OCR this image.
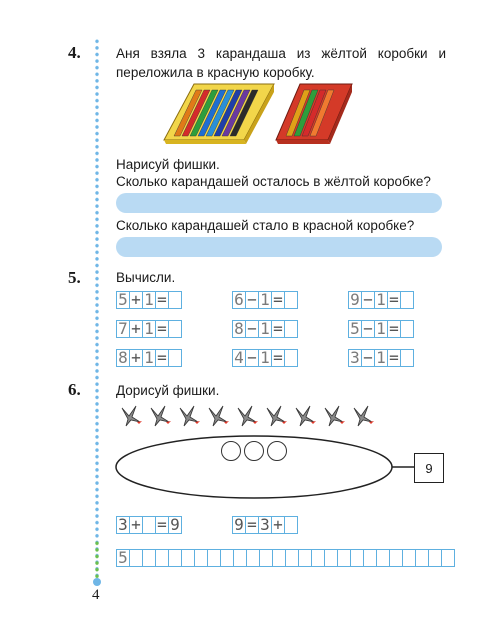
4.	Аня взяла 3 карандаша из жёлтой коробки и переложила в красную коробку.
Нарисуй фишки.
Сколько карандашей осталось в жёлтой коробке?
Сколько карандашей стало в красной коробке?
5.	Вычисли.
5 + 1 =	6 − 1 =	9 − 1 =
7 + 1 =	8 − 1 =	5 − 1 =
8 + 1 =	4 − 1 =	3 − 1 =
6.	Дорисуй фишки.
9
3 + = 9	9 = 3 +
5
4
